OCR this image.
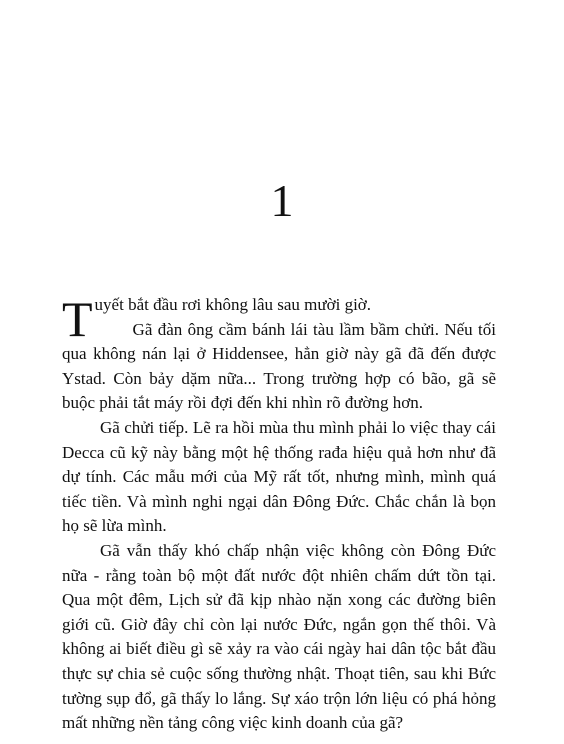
1

Tuyết bắt đầu rơi không lâu sau mười giờ.

Gã đàn ông cầm bánh lái tàu lầm bầm chửi. Nếu tối qua không nán lại ở Hiddensee, hẳn giờ này gã đã đến được Ystad. Còn bảy dặm nữa... Trong trường hợp có bão, gã sẽ buộc phải tắt máy rồi đợi đến khi nhìn rõ đường hơn.

Gã chửi tiếp. Lẽ ra hồi mùa thu mình phải lo việc thay cái Decca cũ kỹ này bằng một hệ thống rađa hiệu quả hơn như đã dự tính. Các mẫu mới của Mỹ rất tốt, nhưng mình, mình quá tiếc tiền. Và mình nghi ngại dân Đông Đức. Chắc chắn là bọn họ sẽ lừa mình.

Gã vẫn thấy khó chấp nhận việc không còn Đông Đức nữa - rằng toàn bộ một đất nước đột nhiên chấm dứt tồn tại. Qua một đêm, Lịch sử đã kịp nhào nặn xong các đường biên giới cũ. Giờ đây chỉ còn lại nước Đức, ngắn gọn thế thôi. Và không ai biết điều gì sẽ xảy ra vào cái ngày hai dân tộc bắt đầu thực sự chia sẻ cuộc sống thường nhật. Thoạt tiên, sau khi Bức tường sụp đổ, gã thấy lo lắng. Sự xáo trộn lớn liệu có phá hỏng mất những nền tảng công việc kinh doanh của gã?
